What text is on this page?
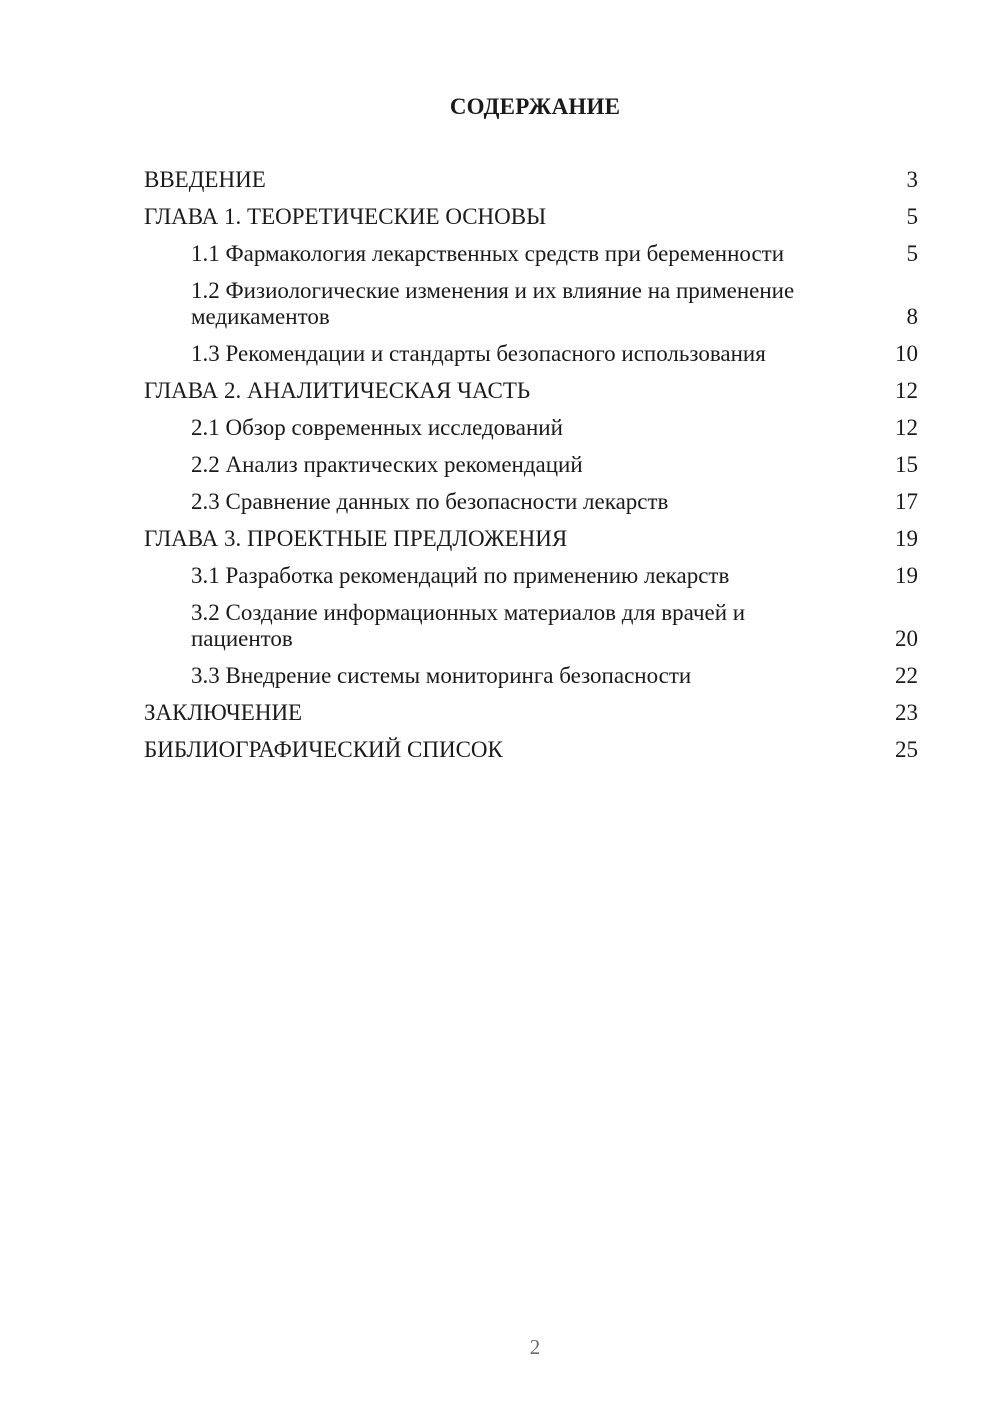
СОДЕРЖАНИЕ
ВВЕДЕНИЕ	3
ГЛАВА 1. ТЕОРЕТИЧЕСКИЕ ОСНОВЫ	5
1.1 Фармакология лекарственных средств при беременности	5
1.2 Физиологические изменения и их влияние на применение медикаментов	8
1.3 Рекомендации и стандарты безопасного использования	10
ГЛАВА 2. АНАЛИТИЧЕСКАЯ ЧАСТЬ	12
2.1 Обзор современных исследований	12
2.2 Анализ практических рекомендаций	15
2.3 Сравнение данных по безопасности лекарств	17
ГЛАВА 3. ПРОЕКТНЫЕ ПРЕДЛОЖЕНИЯ	19
3.1 Разработка рекомендаций по применению лекарств	19
3.2 Создание информационных материалов для врачей и пациентов	20
3.3 Внедрение системы мониторинга безопасности	22
ЗАКЛЮЧЕНИЕ	23
БИБЛИОГРАФИЧЕСКИЙ СПИСОК	25
2
